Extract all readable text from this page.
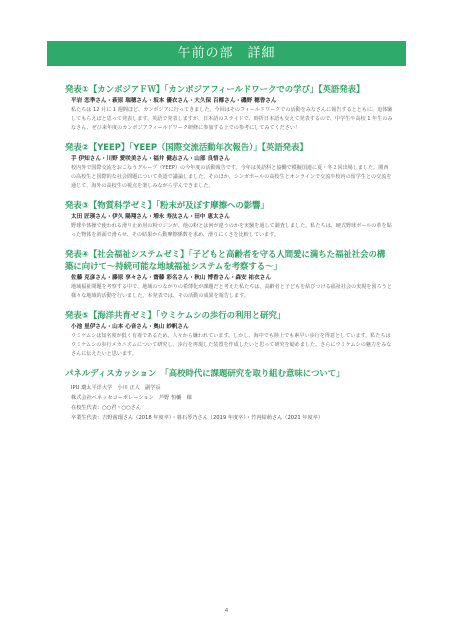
午前の部　詳細
発表①【カンボジアＦＷ】「カンボジアフィールドワークでの学び」【英語発表】
平岩 恋季さん・萩原 瑞穂さん・坂本 優衣さん・大久保 百椰さん・磯野 穂香さん
私たちは 12 月に 1 週間ほど、カンボジアに行ってきました。今回はそのフィールドワークでの活動をみなさんに報告するとともに、追体験してもらえばと思って発表します。英語で発表しますが、日本語のスライドで、時折日本語も交えて発表するので、中学生や高校 1 年生のみなさん、ぜひ来年度のカンボジアフィールドワーク研修に参加する上での参考にしてみてください！
発表②【YEEP】「YEEP（国際交流活動年次報告）」【英語発表】
手 伊知さん・川野 愛咲美さん・福井 健志さん・山部 良悟さん
校内外で国際交流をおこなうグループ（YEEP）の今年度の活動報告です。今年は英語科と協働で模擬国連に夏・冬２回出場しました。関西の高校生と国際的な社会問題について英語で議論しました。そのほか、シンガポールの高校生とオンラインで交流や校内の留学生との交流を通じて、海外の高校生の視点を楽しみながら学んできました。
発表③【物質科学ゼミ】「粉末が及ぼす摩擦への影響」
太田 匠瑛さん・伊久 陽翔さん・増永 寿汰さん・田中 恵太さん
野球や体操で使われる滑り止め用の粉ロジンが、他の粉とは何が違うのかを実験を通して調査しました。私たちは、硬式野球ボールの革を貼った物体を斜面で滑らせ、その結果から動摩擦係数を求め、滑りにくさを比較しています。
発表④【社会福祉システムゼミ】「子どもと高齢者を守る人間愛に満ちた福祉社会の構築に向けて～持続可能な地域福祉システムを考察する～」
佐藤 克彦さん・藤原 享々さん・齋藤 彩名さん・秋山 博香さん・森安 祐衣さん
地域福祉問題を考察する中で、地域のつながりの希薄化が課題だと考えた私たちは、高齢者と子どもを結びつける福祉社会の実現を図ろうと様々な地域的活動を行いました。本発表では、その活動の成果を報告します。
発表⑤【海洋共育ゼミ】「ウミケムシの歩行の利用と研究」
小池 星伊さん・山本 心音さん・奥山 紗帆さん
ウミケムシは知名度が低く有毒であるため、人々から嫌われています。しかし、海中でも陸上でも素早い歩行を得意としています。私たちはウミケムシの歩行メカニズムについて研究し、歩行を再現した装置を作成したいと思って研究を勧めました。さらにウミケムシの魅力をみなさんに伝えたいと思います。
パネルディスカッション　「高校時代に課題研究を取り組む意味について」
IPU 環太平洋大学　小川 正人　副学長
株式会社ベネッセコーポレーション　芦野 恒輔　様
在校生代表：○○君・○○さん
卒業生代表：吉野茜瑠さん（2018 年度卒）・暮石琴乃さん（2019 年度卒）・竹内結萌さん（2021 年度卒）
4
